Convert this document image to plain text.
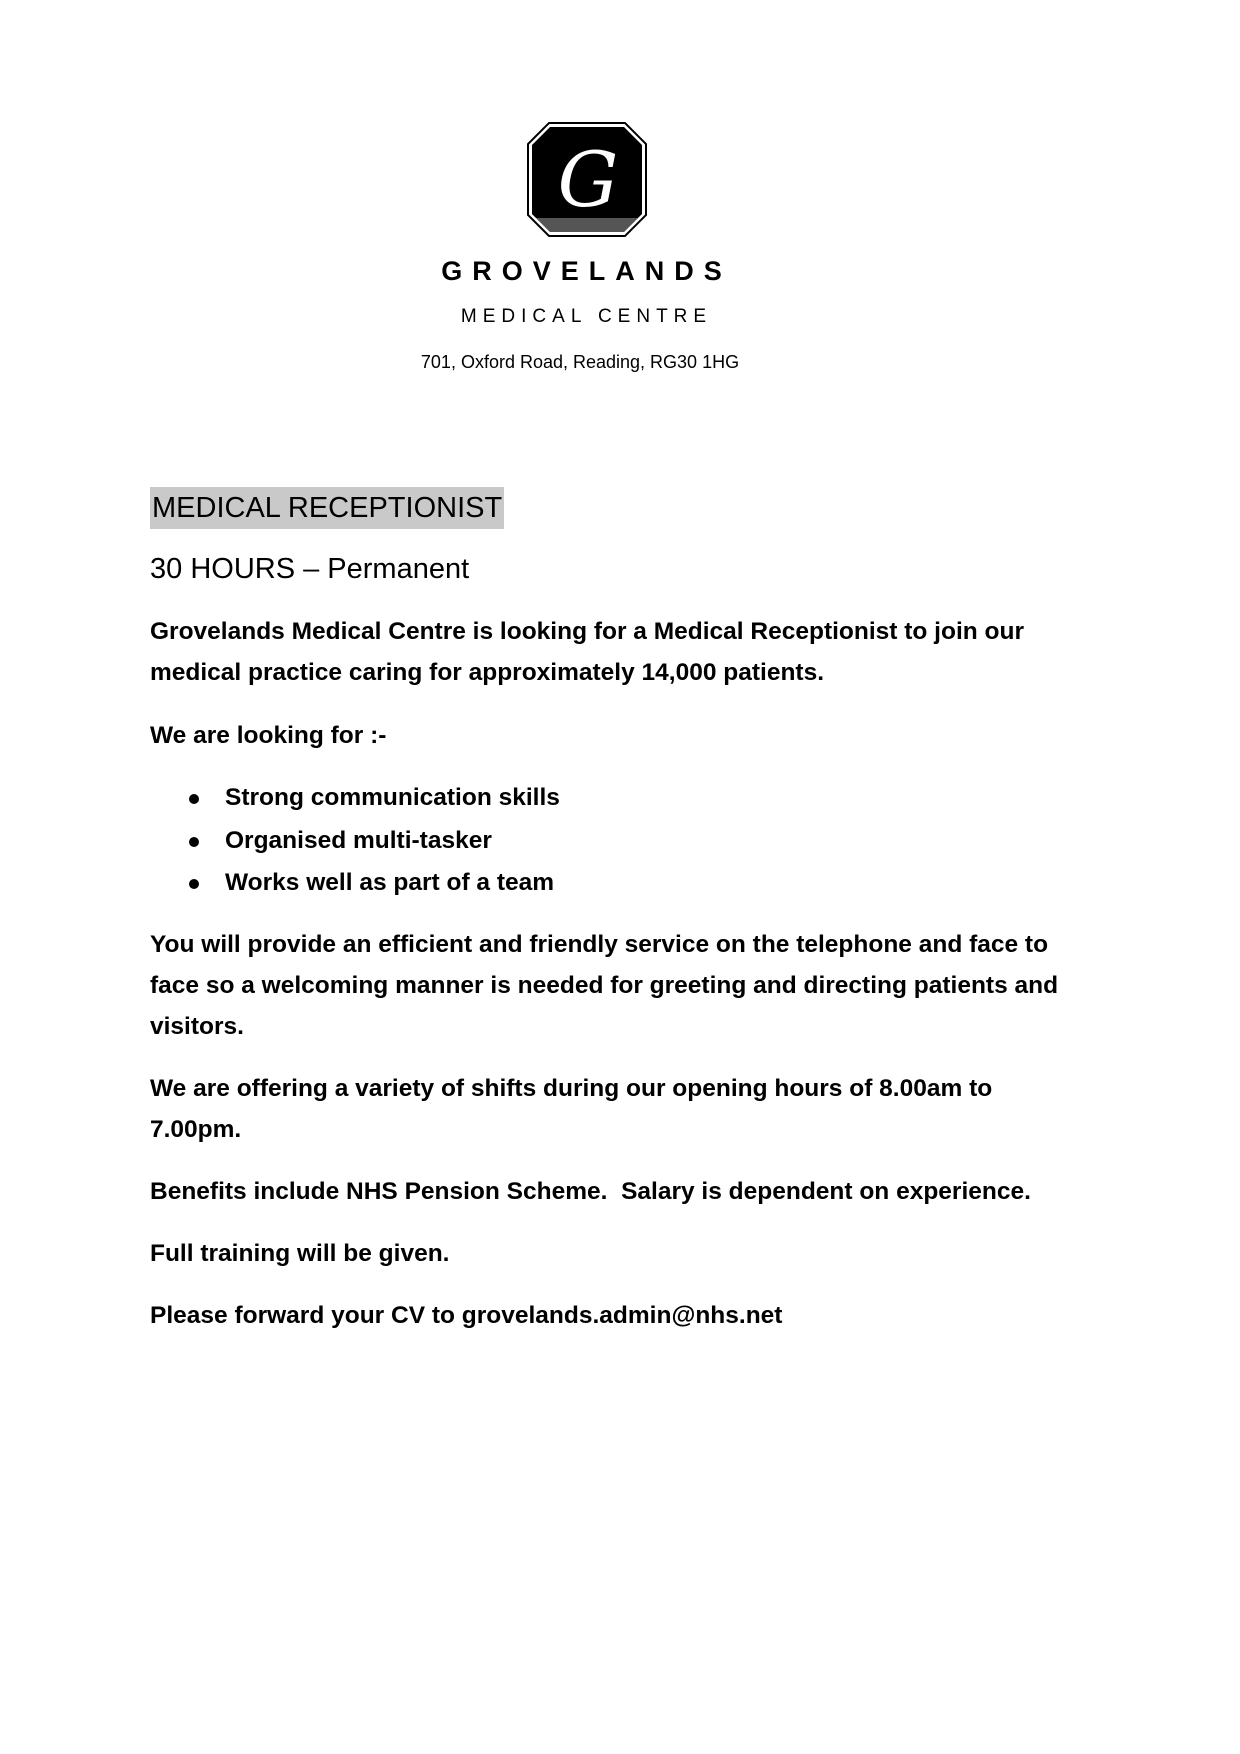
G
GROVELANDS
MEDICAL CENTRE
701, Oxford Road, Reading, RG30 1HG
MEDICAL RECEPTIONIST
30 HOURS – Permanent

Grovelands Medical Centre is looking for a Medical Receptionist to join our medical practice caring for approximately 14,000 patients.

We are looking for :-

Strong communication skills
Organised multi-tasker
Works well as part of a team

You will provide an efficient and friendly service on the telephone and face to face so a welcoming manner is needed for greeting and directing patients and visitors.

We are offering a variety of shifts during our opening hours of 8.00am to 7.00pm.

Benefits include NHS Pension Scheme.  Salary is dependent on experience.

Full training will be given.

Please forward your CV to grovelands.admin@nhs.net
